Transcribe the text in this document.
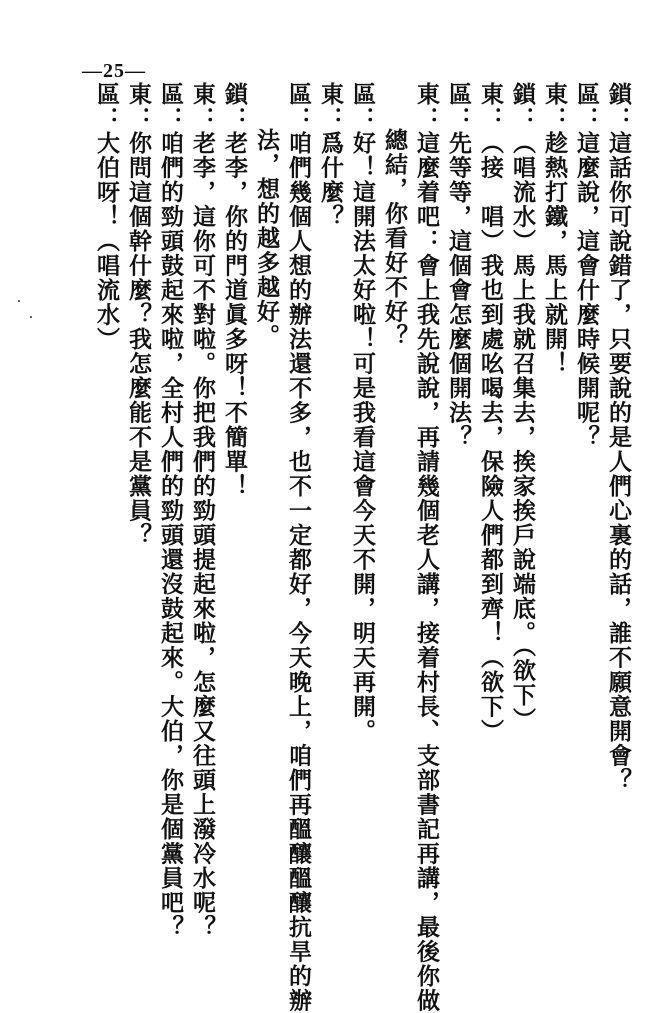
—25—
鎖：這話你可說錯了，只要說的是人們心裏的話，誰不願意開會？
區：這麼說，這會什麼時候開呢？
東：趁熱打鐵，馬上就開！
鎖：（唱流水）馬上我就召集去，挨家挨戶說端底。（欲下）
東：（接　唱）我也到處吆喝去，保險人們都到齊！（欲下）
區：先等等，這個會怎麼個開法？
東：這麼着吧：會上我先說說，再請幾個老人講，接着村長、支部書記再講，最後你做
總結，你看好不好？
區：好！這開法太好啦！可是我看這會今天不開，明天再開。
東：爲什麼？
區：咱們幾個人想的辦法還不多，也不一定都好，今天晚上，咱們再醞釀醞釀抗旱的辦
法，想的越多越好。
鎖：老李，你的門道眞多呀！不簡單！
東：老李，這你可不對啦。你把我們的勁頭提起來啦，怎麼又往頭上潑冷水呢？
區：咱們的勁頭鼓起來啦，全村人們的勁頭還沒鼓起來。大伯，你是個黨員吧？
東：你問這個幹什麼？我怎麼能不是黨員？
區：大伯呀！（唱流水）
